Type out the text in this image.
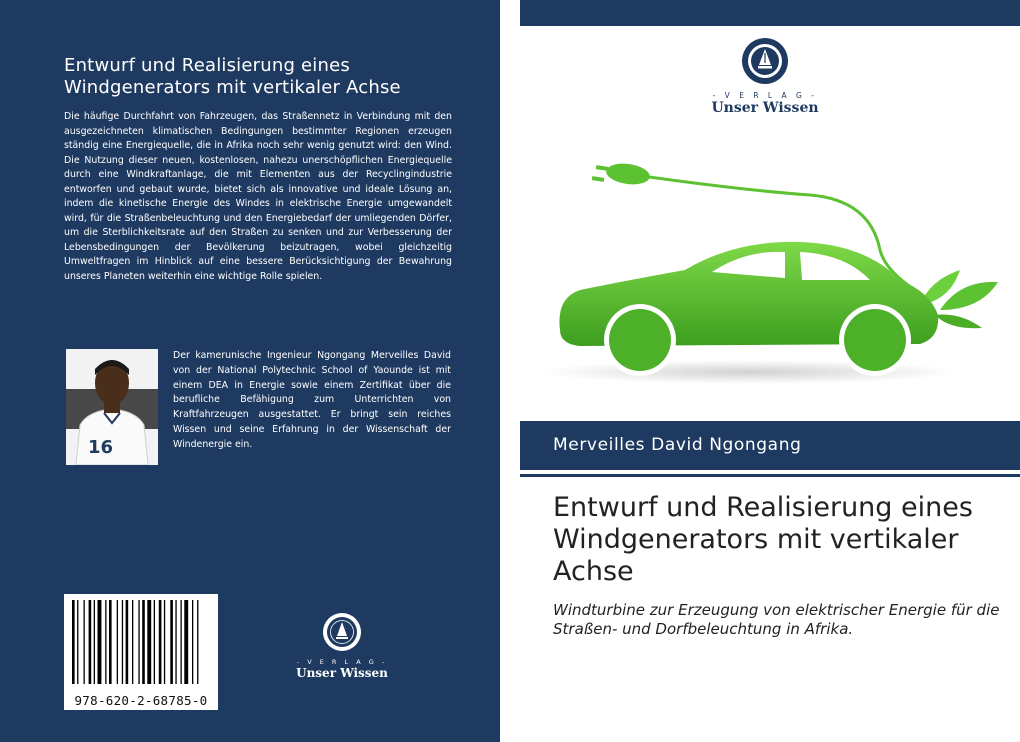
Entwurf und Realisierung eines Windgenerators mit vertikaler Achse
Die häufige Durchfahrt von Fahrzeugen, das Straßennetz in Verbindung mit den ausgezeichneten klimatischen Bedingungen bestimmter Regionen erzeugen ständig eine Energiequelle, die in Afrika noch sehr wenig genutzt wird: den Wind. Die Nutzung dieser neuen, kostenlosen, nahezu unerschöpflichen Energiequelle durch eine Windkraftanlage, die mit Elementen aus der Recyclingindustrie entworfen und gebaut wurde, bietet sich als innovative und ideale Lösung an, indem die kinetische Energie des Windes in elektrische Energie umgewandelt wird, für die Straßenbeleuchtung und den Energiebedarf der umliegenden Dörfer, um die Sterblichkeitsrate auf den Straßen zu senken und zur Verbesserung der Lebensbedingungen der Bevölkerung beizutragen, wobei gleichzeitig Umweltfragen im Hinblick auf eine bessere Berücksichtigung der Bewahrung unseres Planeten weiterhin eine wichtige Rolle spielen.
16
Der kamerunische Ingenieur Ngongang Merveilles David von der National Polytechnic School of Yaounde ist mit einem DEA in Energie sowie einem Zertifikat über die berufliche Befähigung zum Unterrichten von Kraftfahrzeugen ausgestattet. Er bringt sein reiches Wissen und seine Erfahrung in der Wissenschaft der Windenergie ein.
978-620-2-68785-0
- V E R L A G -
Unser Wissen
- V E R L A G -
Unser Wissen
Merveilles David Ngongang
Entwurf und Realisierung eines Windgenerators mit vertikaler Achse
Windturbine zur Erzeugung von elektrischer Energie für die Straßen- und Dorfbeleuchtung in Afrika.
